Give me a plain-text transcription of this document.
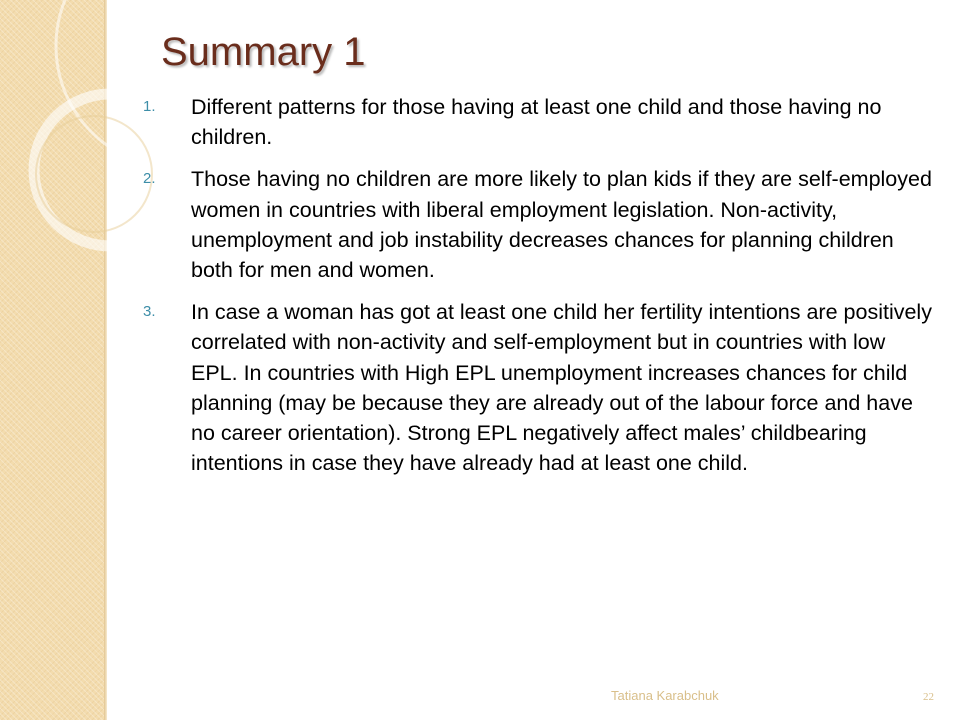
Summary 1
1. Different patterns for those having at least one child and those having no children.
2. Those having no children are more likely to plan kids if they are self-employed women in countries with liberal employment legislation. Non-activity, unemployment and job instability decreases chances for planning children both for men and women.
3. In case a woman has got at least one child her fertility intentions are positively correlated with non-activity and self-employment but in countries with low EPL. In countries with High EPL unemployment increases chances for child planning (may be because they are already out of the labour force and have no career orientation). Strong EPL negatively affect males’ childbearing intentions in case they have already had at least one child.
Tatiana Karabchuk	22
